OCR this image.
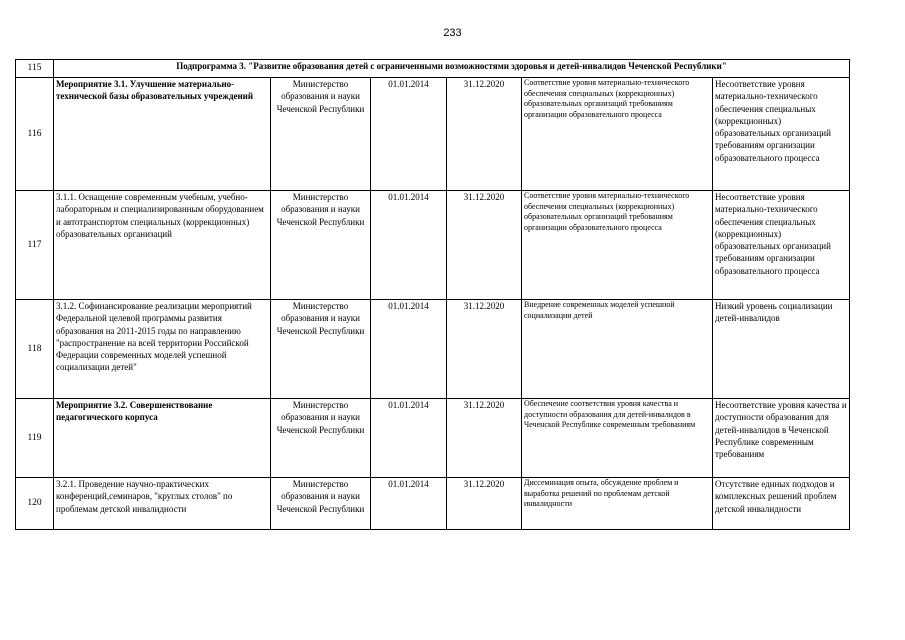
233
115	Подпрограмма 3. "Развитие образования детей с ограниченными возможностями здоровья и детей-инвалидов Чеченской Республики"					
116	Мероприятие 3.1. Улучшение материально-технической базы образовательных учреждений	Министерство образования и науки Чеченской Республики	01.01.2014	31.12.2020	Соответствие уровня материально-технического обеспечения специальных (коррекционных) образовательных организаций требованиям организации образовательного процесса	Несоответствие уровня материально-технического обеспечения специальных (коррекционных) образовательных организаций требованиям организации образовательного процесса

117	3.1.1. Оснащение современным учебным, учебно-лабораторным и специализированным оборудованием и автотранспортом специальных (коррекционных) образовательных организаций	Министерство образования и науки Чеченской Республики	01.01.2014	31.12.2020	Соответствие уровня материально-технического обеспечения специальных (коррекционных) образовательных организаций требованиям организации образовательного процесса	Несоответствие уровня материально-технического обеспечения специальных (коррекционных) образовательных организаций требованиям организации образовательного процесса

118	3.1.2. Софинансирование реализации мероприятий Федеральной целевой программы развития образования на 2011-2015 годы по направлению "распространение на всей территории Российской Федерации современных моделей успешной социализации детей"	Министерство образования и науки Чеченской Республики	01.01.2014	31.12.2020	Внедрение современных моделей успешной социализации детей	Низкий уровень социализации детей-инвалидов

119	Мероприятие 3.2. Совершенствование педагогического корпуса	Министерство образования и науки Чеченской Республики	01.01.2014	31.12.2020	Обеспечение соответствия уровня качества и доступности образования для детей-инвалидов в Чеченской Республике современным требованиям	Несоответствие уровня качества и доступности образования для детей-инвалидов в Чеченской Республике современным требованиям

120	3.2.1. Проведение научно-практических конференций,семинаров, "круглых столов" по проблемам детской инвалидности	Министерство образования и науки Чеченской Республики	01.01.2014	31.12.2020	Диссеминация опыта, обсуждение проблем и выработка решений по проблемам детской инвалидности	Отсутствие единых подходов и комплексных решений проблем детской инвалидности
